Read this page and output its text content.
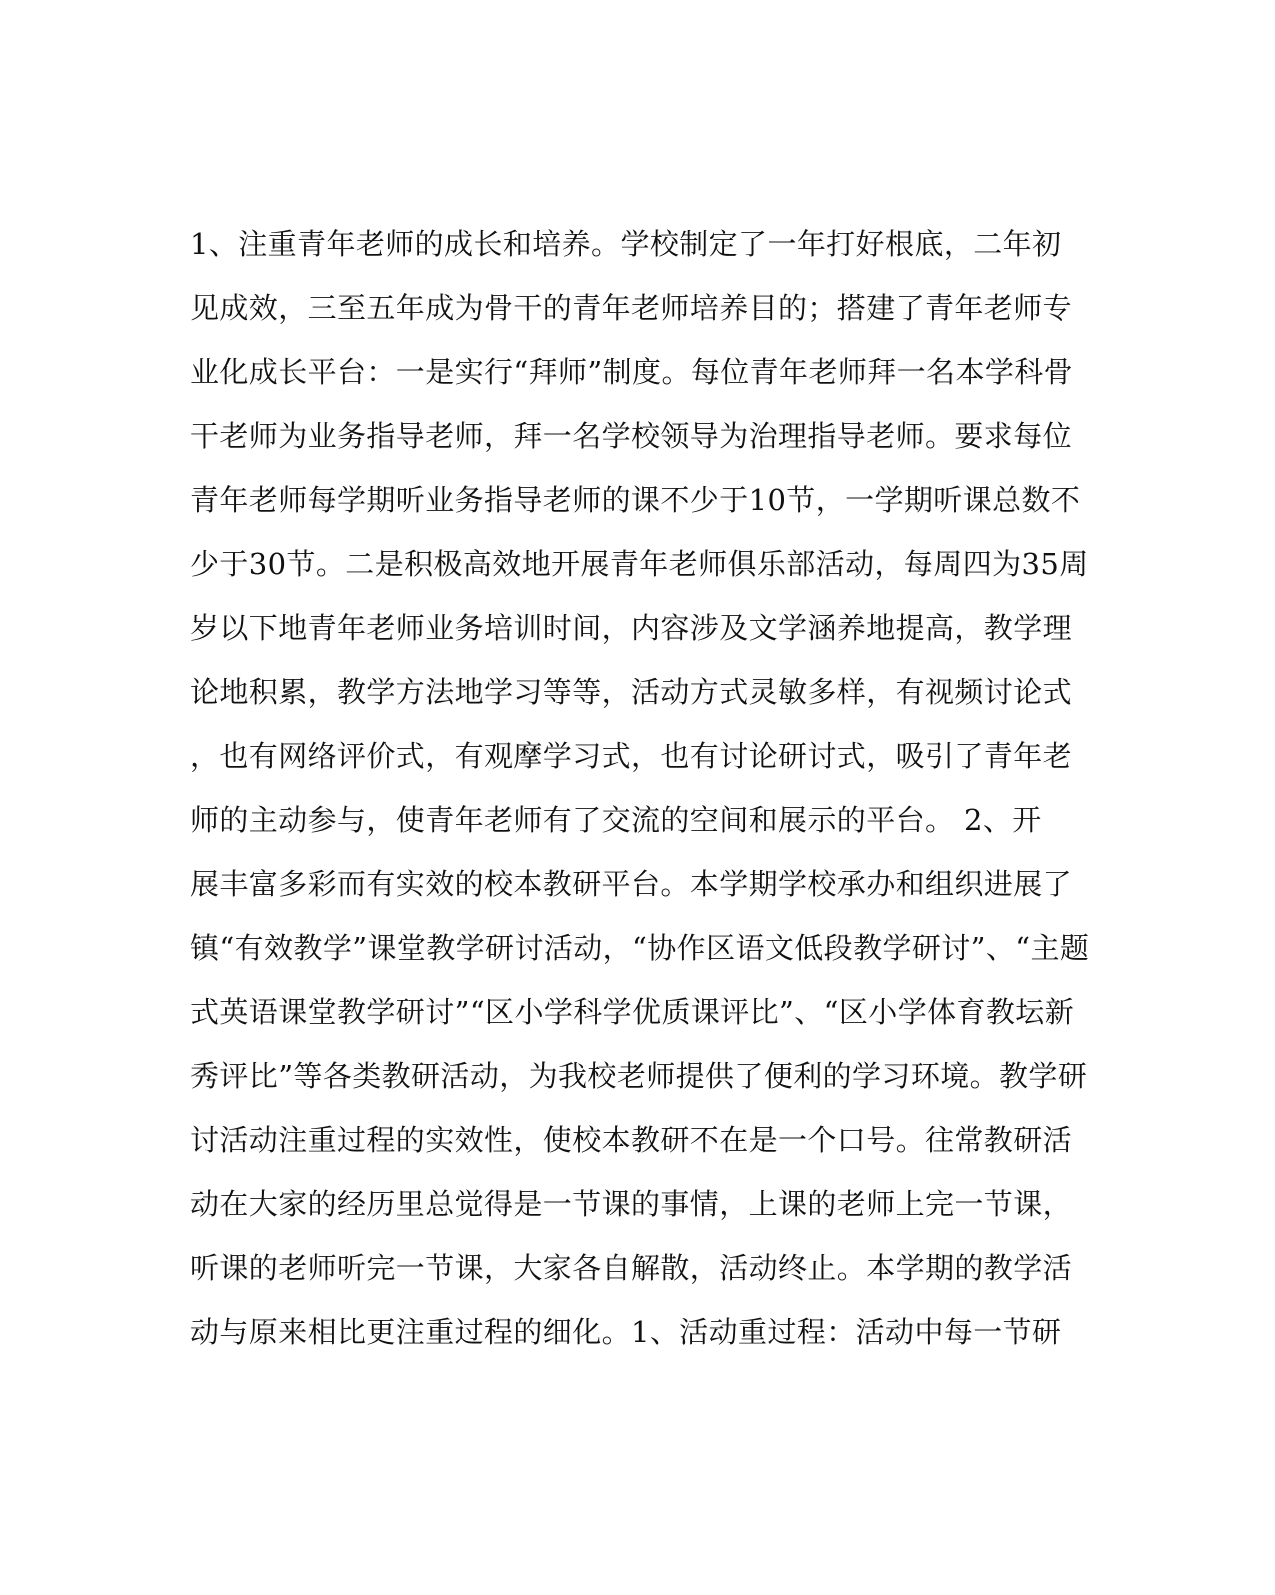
1、注重青年老师的成长和培养。学校制定了一年打好根底，二年初
见成效，三至五年成为骨干的青年老师培养目的；搭建了青年老师专
业化成长平台：一是实行“拜师”制度。每位青年老师拜一名本学科骨
干老师为业务指导老师，拜一名学校领导为治理指导老师。要求每位
青年老师每学期听业务指导老师的课不少于10节，一学期听课总数不
少于30节。二是积极高效地开展青年老师俱乐部活动，每周四为35周
岁以下地青年老师业务培训时间，内容涉及文学涵养地提高，教学理
论地积累，教学方法地学习等等，活动方式灵敏多样，有视频讨论式
，也有网络评价式，有观摩学习式，也有讨论研讨式，吸引了青年老
师的主动参与，使青年老师有了交流的空间和展示的平台。 2、开
展丰富多彩而有实效的校本教研平台。本学期学校承办和组织进展了
镇“有效教学”课堂教学研讨活动，“协作区语文低段教学研讨”、“主题
式英语课堂教学研讨”“区小学科学优质课评比”、“区小学体育教坛新
秀评比”等各类教研活动，为我校老师提供了便利的学习环境。教学研
讨活动注重过程的实效性，使校本教研不在是一个口号。往常教研活
动在大家的经历里总觉得是一节课的事情，上课的老师上完一节课，
听课的老师听完一节课，大家各自解散，活动终止。本学期的教学活
动与原来相比更注重过程的细化。1、活动重过程：活动中每一节研
